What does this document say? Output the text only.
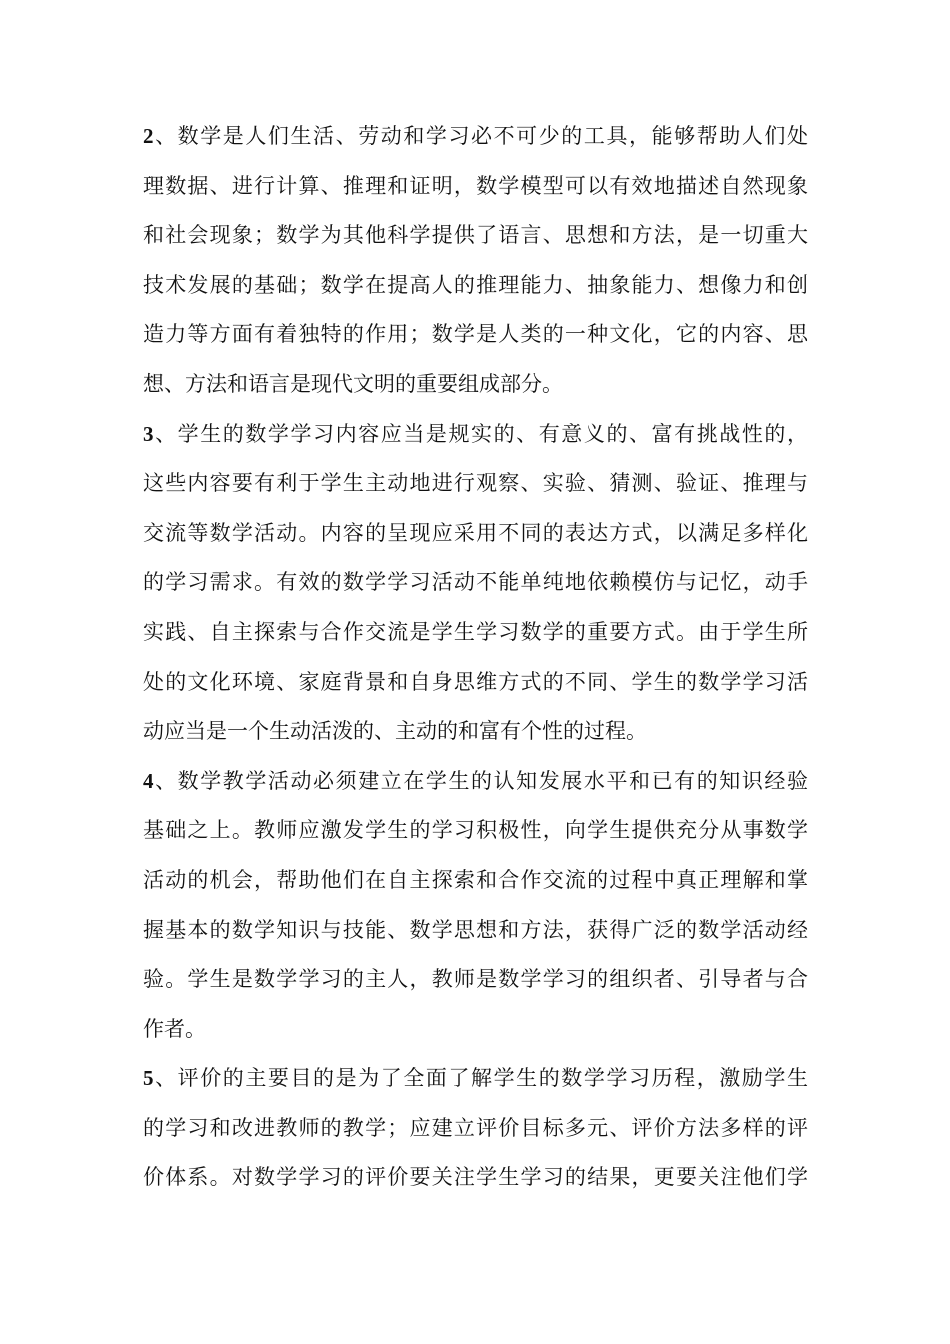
2、数学是人们生活、劳动和学习必不可少的工具，能够帮助人们处
理数据、进行计算、推理和证明，数学模型可以有效地描述自然现象
和社会现象；数学为其他科学提供了语言、思想和方法，是一切重大
技术发展的基础；数学在提高人的推理能力、抽象能力、想像力和创
造力等方面有着独特的作用；数学是人类的一种文化，它的内容、思
想、方法和语言是现代文明的重要组成部分。
3、学生的数学学习内容应当是规实的、有意义的、富有挑战性的，
这些内容要有利于学生主动地进行观察、实验、猜测、验证、推理与
交流等数学活动。内容的呈现应采用不同的表达方式，以满足多样化
的学习需求。有效的数学学习活动不能单纯地依赖模仿与记忆，动手
实践、自主探索与合作交流是学生学习数学的重要方式。由于学生所
处的文化环境、家庭背景和自身思维方式的不同、学生的数学学习活
动应当是一个生动活泼的、主动的和富有个性的过程。
4、数学教学活动必须建立在学生的认知发展水平和已有的知识经验
基础之上。教师应激发学生的学习积极性，向学生提供充分从事数学
活动的机会，帮助他们在自主探索和合作交流的过程中真正理解和掌
握基本的数学知识与技能、数学思想和方法，获得广泛的数学活动经
验。学生是数学学习的主人，教师是数学学习的组织者、引导者与合
作者。
5、评价的主要目的是为了全面了解学生的数学学习历程，激励学生
的学习和改进教师的教学；应建立评价目标多元、评价方法多样的评
价体系。对数学学习的评价要关注学生学习的结果，更要关注他们学
